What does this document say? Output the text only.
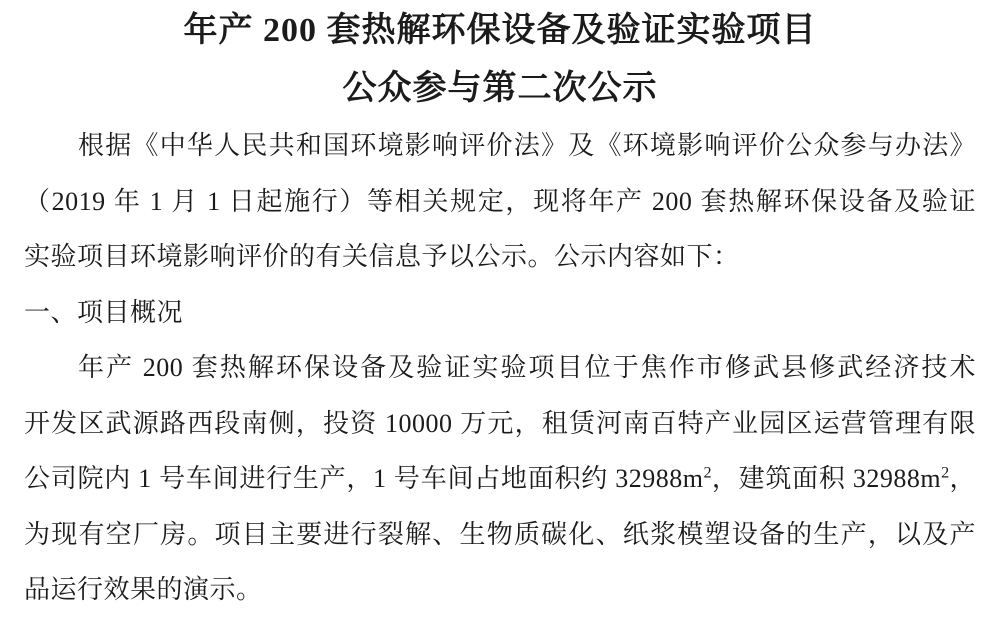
年产 200 套热解环保设备及验证实验项目
公众参与第二次公示
根据《中华人民共和国环境影响评价法》及《环境影响评价公众参与办法》
（2019 年 1 月 1 日起施行）等相关规定，现将年产 200 套热解环保设备及验证
实验项目环境影响评价的有关信息予以公示。公示内容如下：
一、项目概况
年产 200 套热解环保设备及验证实验项目位于焦作市修武县修武经济技术
开发区武源路西段南侧，投资 10000 万元，租赁河南百特产业园区运营管理有限
公司院内 1 号车间进行生产，1 号车间占地面积约 $32988m^2$，建筑面积 $32988m^2$，
为现有空厂房。项目主要进行裂解、生物质碳化、纸浆模塑设备的生产，以及产
品运行效果的演示。
